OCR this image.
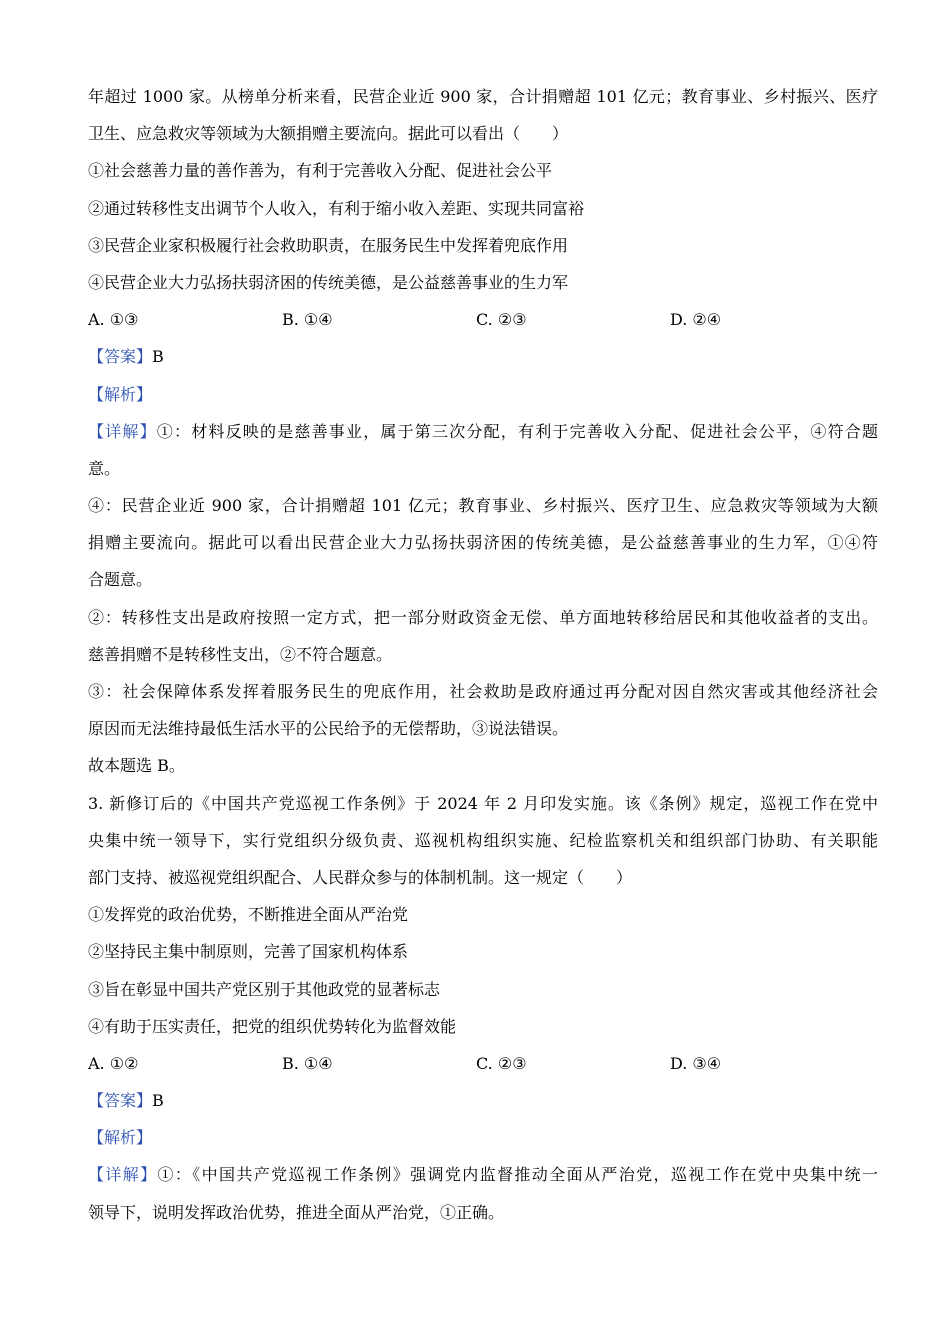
年超过 1000 家。从榜单分析来看，民营企业近 900 家，合计捐赠超 101 亿元；教育事业、乡村振兴、医疗
卫生、应急救灾等领域为大额捐赠主要流向。据此可以看出（　　）
①社会慈善力量的善作善为，有利于完善收入分配、促进社会公平
②通过转移性支出调节个人收入，有利于缩小收入差距、实现共同富裕
③民营企业家积极履行社会救助职责，在服务民生中发挥着兜底作用
④民营企业大力弘扬扶弱济困的传统美德，是公益慈善事业的生力军
A. ①③	B. ①④	C. ②③	D. ②④
【答案】B
【解析】
【详解】①：材料反映的是慈善事业，属于第三次分配，有利于完善收入分配、促进社会公平，④符合题
意。
④：民营企业近 900 家，合计捐赠超 101 亿元；教育事业、乡村振兴、医疗卫生、应急救灾等领域为大额
捐赠主要流向。据此可以看出民营企业大力弘扬扶弱济困的传统美德，是公益慈善事业的生力军，①④符
合题意。
②：转移性支出是政府按照一定方式，把一部分财政资金无偿、单方面地转移给居民和其他收益者的支出。
慈善捐赠不是转移性支出，②不符合题意。
③：社会保障体系发挥着服务民生的兜底作用，社会救助是政府通过再分配对因自然灾害或其他经济社会
原因而无法维持最低生活水平的公民给予的无偿帮助，③说法错误。
故本题选 B。
3. 新修订后的《中国共产党巡视工作条例》于 2024 年 2 月印发实施。该《条例》规定，巡视工作在党中
央集中统一领导下，实行党组织分级负责、巡视机构组织实施、纪检监察机关和组织部门协助、有关职能
部门支持、被巡视党组织配合、人民群众参与的体制机制。这一规定（　　）
①发挥党的政治优势，不断推进全面从严治党
②坚持民主集中制原则，完善了国家机构体系
③旨在彰显中国共产党区别于其他政党的显著标志
④有助于压实责任，把党的组织优势转化为监督效能
A. ①②	B. ①④	C. ②③	D. ③④
【答案】B
【解析】
【详解】①：《中国共产党巡视工作条例》强调党内监督推动全面从严治党，巡视工作在党中央集中统一
领导下，说明发挥政治优势，推进全面从严治党，①正确。
